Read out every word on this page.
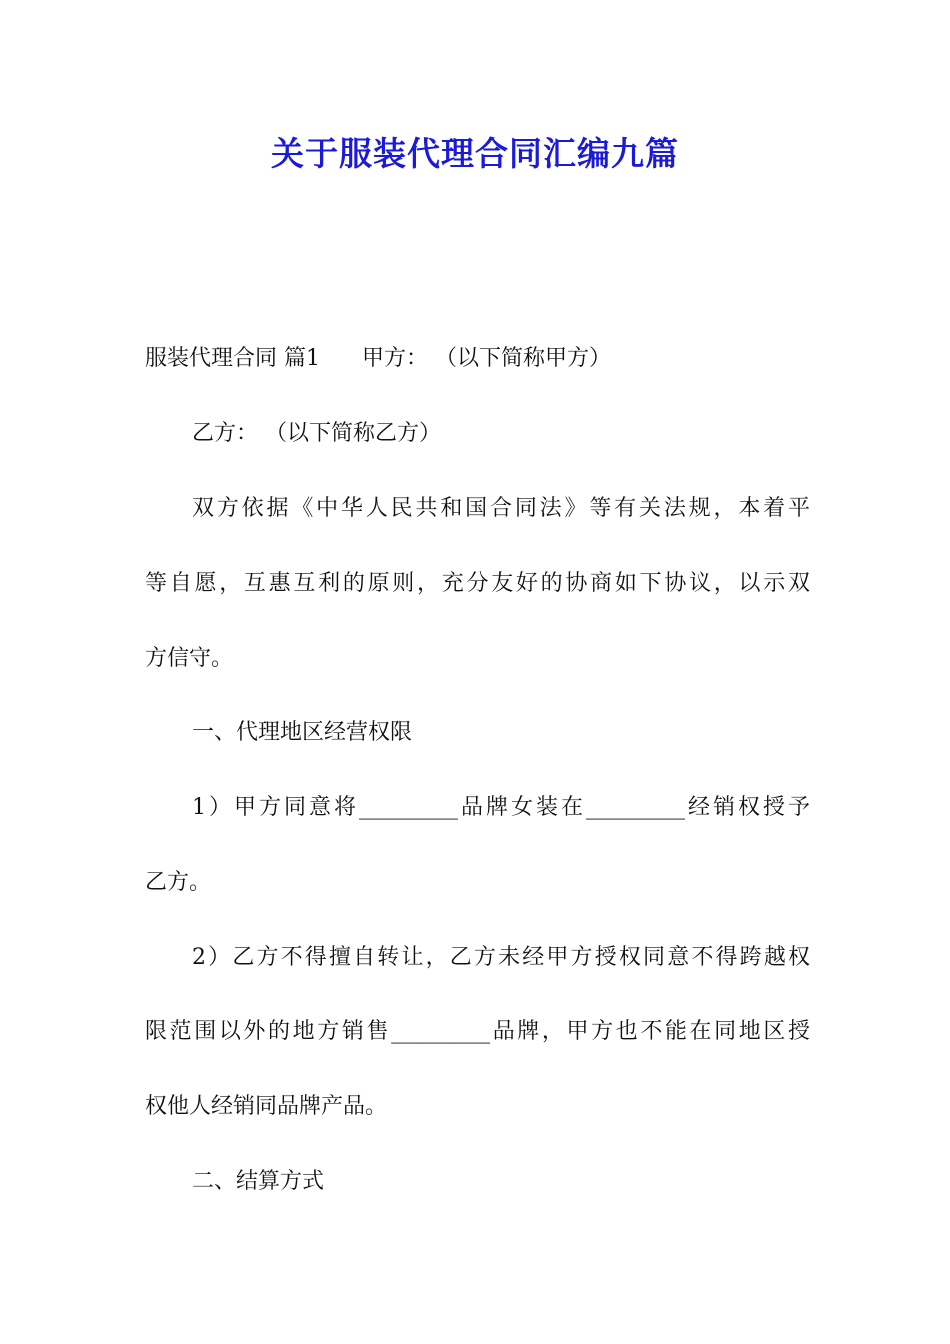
关于服装代理合同汇编九篇
服装代理合同 篇1 甲方： （以下简称甲方）
乙方： （以下简称乙方）
双方依据《中华人民共和国合同法》等有关法规，本着平
等自愿，互惠互利的原则，充分友好的协商如下协议，以示双
方信守。
一、代理地区经营权限
1）甲方同意将_________品牌女装在_________经销权授予
乙方。
2）乙方不得擅自转让，乙方未经甲方授权同意不得跨越权
限范围以外的地方销售_________品牌，甲方也不能在同地区授
权他人经销同品牌产品。
二、结算方式
